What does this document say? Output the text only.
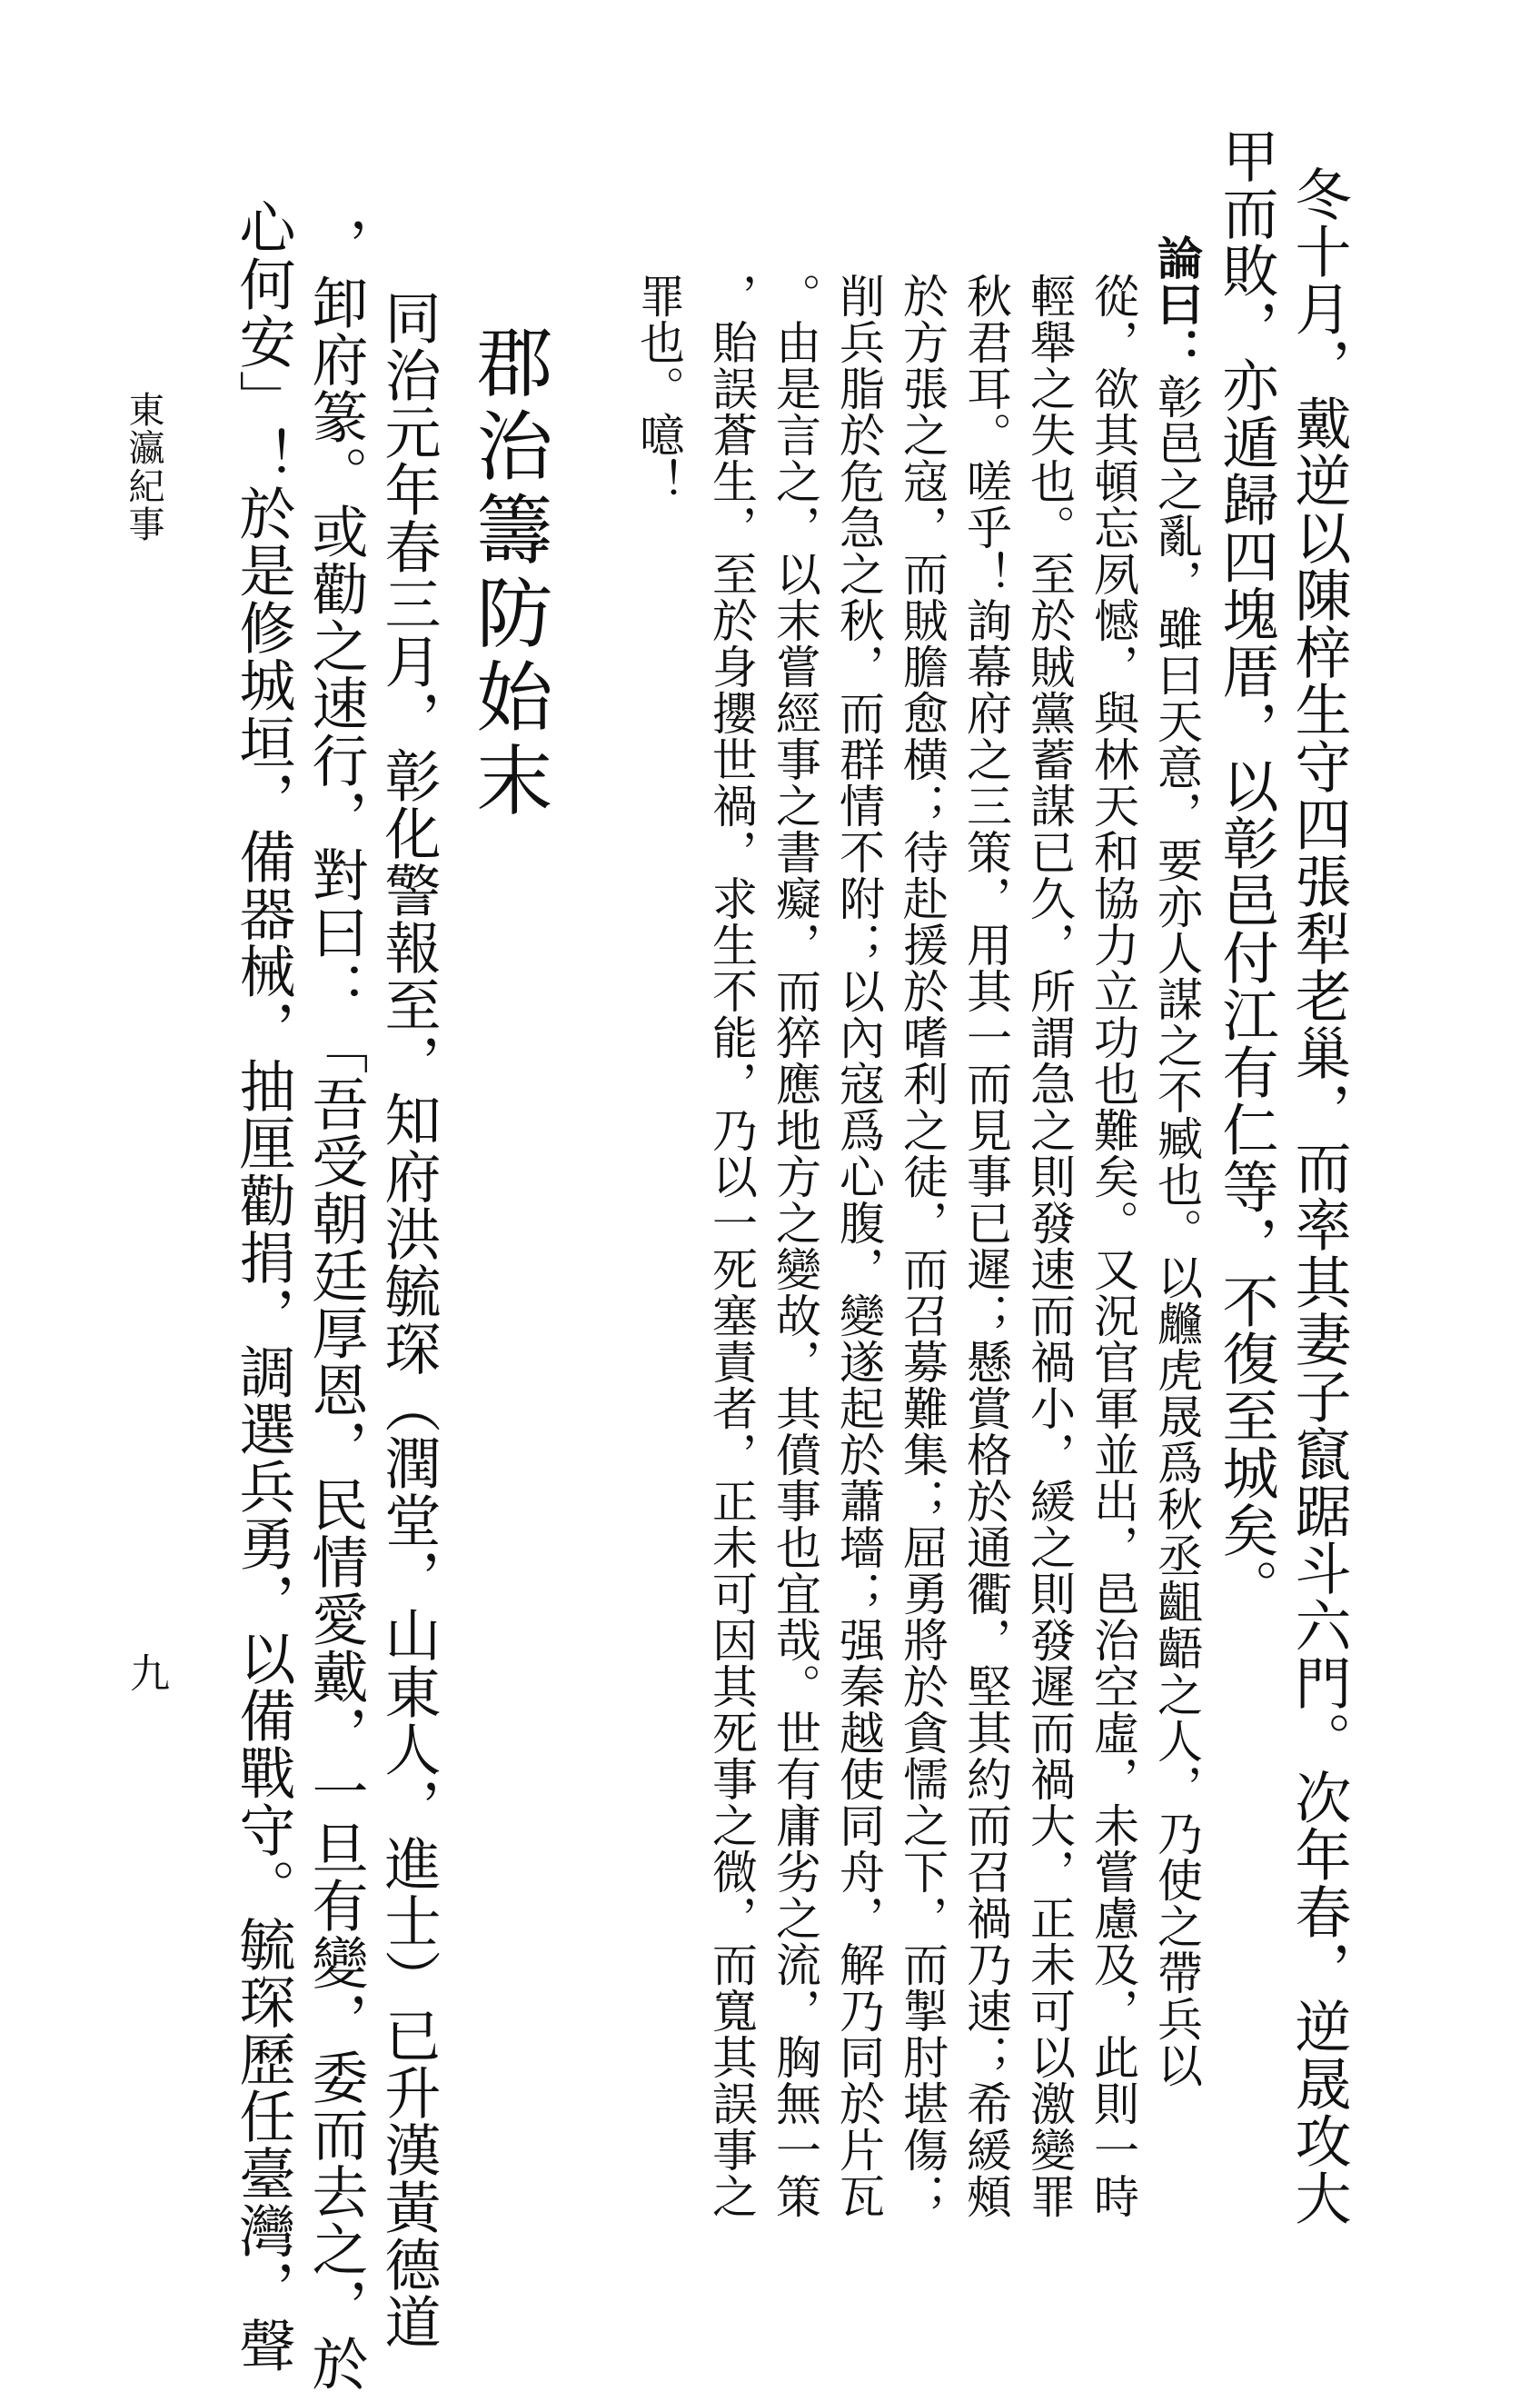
冬十月，戴逆以陳梓生守四張犁老巢，而率其妻子竄踞斗六門。次年春，逆晟攻大
甲而敗，亦遁歸四塊厝，以彰邑付江有仁等，不復至城矣。
論曰：彰邑之亂，雖曰天意，要亦人謀之不臧也。以虪虎晟爲秋丞齟齬之人，乃使之帶兵以
從，欲其頓忘夙憾，與林天和協力立功也難矣。又況官軍並出，邑治空虛，未嘗慮及，此則一時
輕舉之失也。至於賊黨蓄謀已久，所謂急之則發速而禍小，緩之則發遲而禍大，正未可以激變罪
秋君耳。嗟乎！詢幕府之三策，用其一而見事已遲；懸賞格於通衢，堅其約而召禍乃速；希緩頰
於方張之寇，而賊膽愈横；待赴援於嗜利之徒，而召募難集；屈勇將於貪懦之下，而掣肘堪傷；
削兵脂於危急之秋，而群情不附；以內寇爲心腹，變遂起於蕭墻；强秦越使同舟，解乃同於片瓦
。由是言之，以末嘗經事之書癡，而猝應地方之變故，其僨事也宜哉。世有庸劣之流，胸無一策
，貽誤蒼生，至於身攖世禍，求生不能，乃以一死塞責者，正未可因其死事之微，而寬其誤事之
罪也。噫！
郡治籌防始末
同治元年春三月，彰化警報至，知府洪毓琛（潤堂，山東人，進士）已升漢黃德道
，卸府篆。或勸之速行，對曰：「吾受朝廷厚恩，民情愛戴，一旦有變，委而去之，於
心何安」！於是修城垣，備器械，抽厘勸捐，調選兵勇，以備戰守。毓琛歷任臺灣，聲
東瀛紀事
九
